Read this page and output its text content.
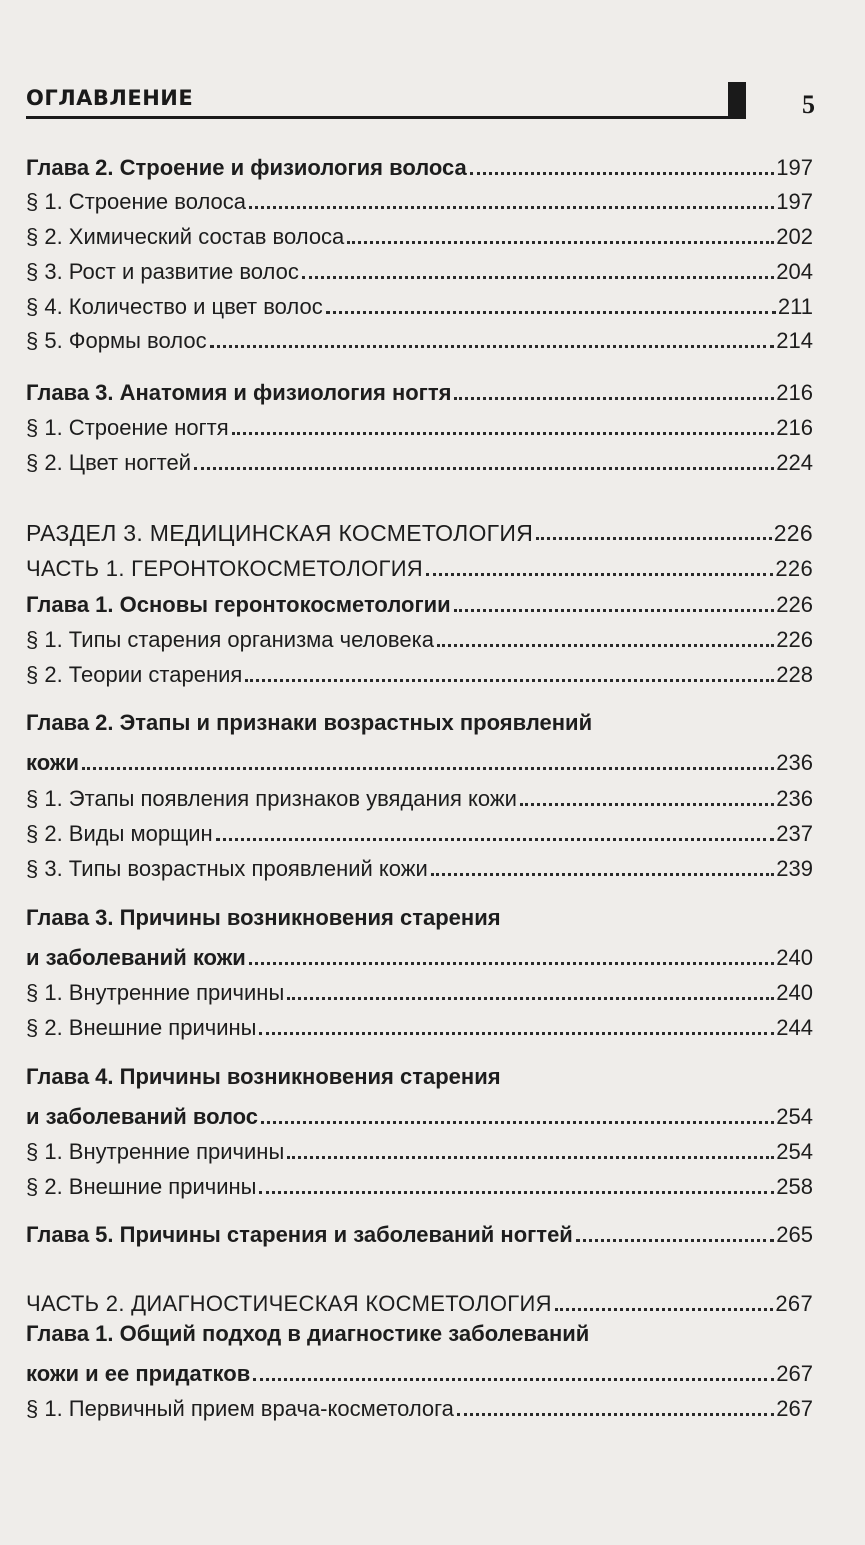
ОГЛАВЛЕНИЕ	5
Глава 2. Строение и физиология волоса	197
§ 1. Строение волоса	197
§ 2. Химический состав волоса	202
§ 3. Рост и развитие волос	204
§ 4. Количество и цвет волос	211
§ 5. Формы волос	214
Глава 3. Анатомия и физиология ногтя	216
§ 1. Строение ногтя	216
§ 2. Цвет ногтей	224
РАЗДЕЛ 3. МЕДИЦИНСКАЯ КОСМЕТОЛОГИЯ	226
ЧАСТЬ 1. ГЕРОНТОКОСМЕТОЛОГИЯ	226
Глава 1. Основы геронтокосметологии	226
§ 1. Типы старения организма человека	226
§ 2. Теории старения	228
Глава 2. Этапы и признаки возрастных проявлений
кожи	236
§ 1. Этапы появления признаков увядания кожи	236
§ 2. Виды морщин	237
§ 3. Типы возрастных проявлений кожи	239
Глава 3. Причины возникновения старения
и заболеваний кожи	240
§ 1. Внутренние причины	240
§ 2. Внешние причины	244
Глава 4. Причины возникновения старения
и заболеваний волос	254
§ 1. Внутренние причины	254
§ 2. Внешние причины	258
Глава 5. Причины старения и заболеваний ногтей	265
ЧАСТЬ 2. ДИАГНОСТИЧЕСКАЯ КОСМЕТОЛОГИЯ	267
Глава 1. Общий подход в диагностике заболеваний
кожи и ее придатков	267
§ 1. Первичный прием врача-косметолога	267
